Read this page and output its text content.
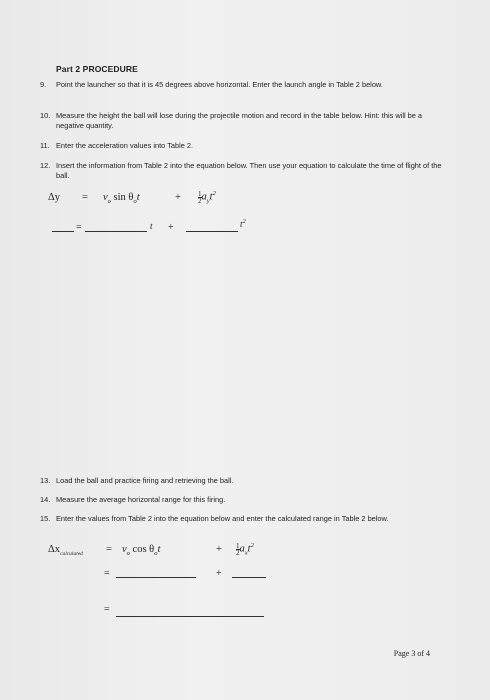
Part 2 PROCEDURE
9. Point the launcher so that it is 45 degrees above horizontal. Enter the launch angle in Table 2 below.
10. Measure the height the ball will lose during the projectile motion and record in the table below. Hint: this will be a negative quantity.
11. Enter the acceleration values into Table 2.
12. Insert the information from Table 2 into the equation below. Then use your equation to calculate the time of flight of the ball.
$\Delta y = v_o$ $\sin \theta_ot$	+ $\frac{1}{2} a_yt^2$
=	t +	$t^2$
13. Load the ball and practice firing and retrieving the ball.
14. Measure the average horizontal range for this firing.
15. Enter the values from Table 2 into the equation below and enter the calculated range in Table 2 below.
$\Delta x_{calculated} = v_o$ $\cos \theta_ot$	+ $\frac{1}{2} a_xt^2$
=	+
=
Page 3 of 4
